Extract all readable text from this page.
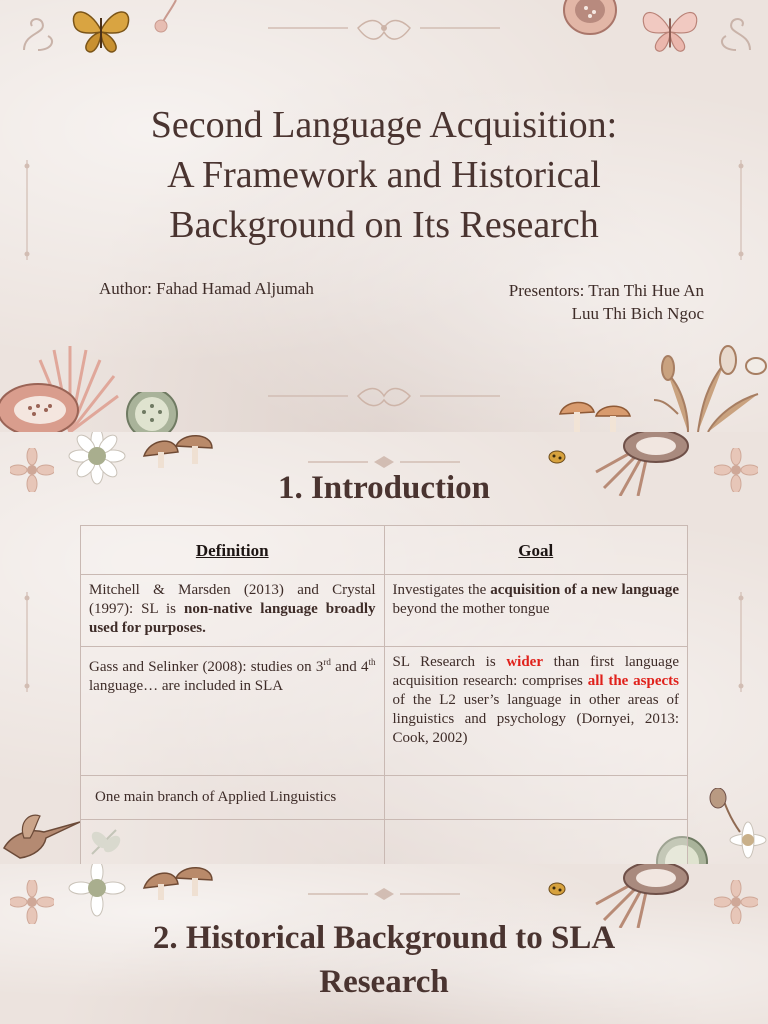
Second Language Acquisition:
A Framework and Historical
Background on Its Research
Author: Fahad Hamad Aljumah	Presentors: Tran Thi Hue An
Luu Thi Bich Ngoc
1. Introduction
Definition	Goal
Mitchell & Marsden (2013) and Crystal (1997): SL is non-native language broadly used for purposes.	Investigates the acquisition of a new language beyond the mother tongue
Gass and Selinker (2008): studies on 3rd and 4th language… are included in SLA	SL Research is wider than first language acquisition research: comprises all the aspects of the L2 user’s language in other areas of linguistics and psychology (Dornyei, 2013: Cook, 2002)
One main branch of Applied Linguistics	

2. Historical Background to SLA
Research
